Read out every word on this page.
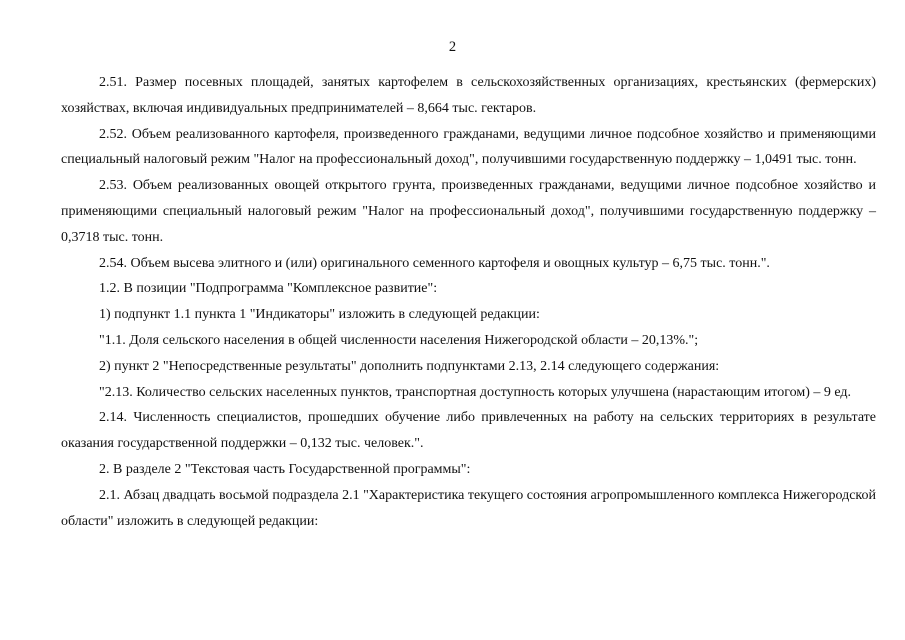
2

2.51. Размер посевных площадей, занятых картофелем в сельскохозяйственных организациях, крестьянских (фермерских) хозяйствах, включая индивидуальных предпринимателей – 8,664 тыс. гектаров.

2.52. Объем реализованного картофеля, произведенного гражданами, ведущими личное подсобное хозяйство и применяющими специальный налоговый режим "Налог на профессиональный доход", получившими государственную поддержку – 1,0491 тыс. тонн.

2.53. Объем реализованных овощей открытого грунта, произведенных гражданами, ведущими личное подсобное хозяйство и применяющими специальный налоговый режим "Налог на профессиональный доход", получившими государственную поддержку – 0,3718 тыс. тонн.

2.54. Объем высева элитного и (или) оригинального семенного картофеля и овощных культур – 6,75 тыс. тонн.".

1.2. В позиции "Подпрограмма "Комплексное развитие":

1) подпункт 1.1 пункта 1 "Индикаторы" изложить в следующей редакции:

"1.1. Доля сельского населения в общей численности населения Нижегородской области – 20,13%.";

2) пункт 2 "Непосредственные результаты" дополнить подпунктами 2.13, 2.14 следующего содержания:

"2.13. Количество сельских населенных пунктов, транспортная доступность которых улучшена (нарастающим итогом) – 9 ед.

2.14. Численность специалистов, прошедших обучение либо привлеченных на работу на сельских территориях в результате оказания государственной поддержки – 0,132 тыс. человек.".

2. В разделе 2 "Текстовая часть Государственной программы":

2.1. Абзац двадцать восьмой подраздела 2.1 "Характеристика текущего состояния агропромышленного комплекса Нижегородской области" изложить в следующей редакции:
